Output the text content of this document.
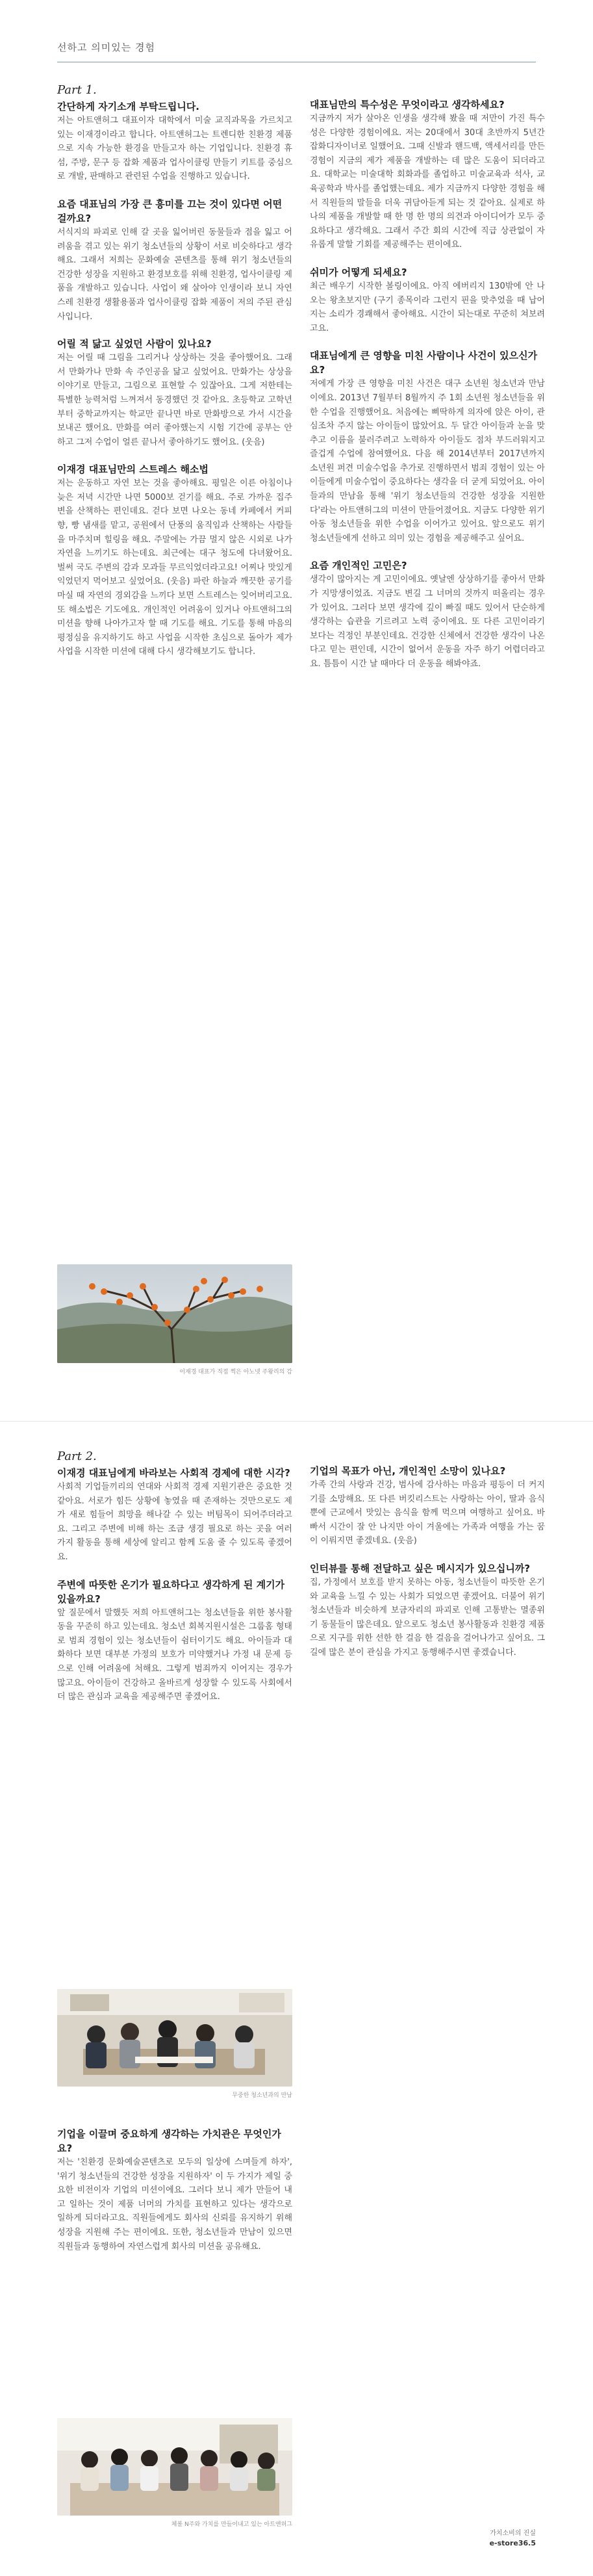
선하고 의미있는 경험
Part 1.

간단하게 자기소개 부탁드립니다.

저는 아트앤허그 대표이자 대학에서 미술 교직과목을 가르치고 있는 이재경이라고 합니다. 아트앤허그는 트렌디한 친환경 제품으로 지속 가능한 환경을 만들고자 하는 기업입니다. 친환경 휴섬, 주방, 문구 등 잡화 제품과 업사이클링 만들기 키트를 중심으로 개발, 판매하고 관련된 수업을 진행하고 있습니다.

요즘 대표님의 가장 큰 흥미를 끄는 것이 있다면 어떤 걸까요?

서식지의 파괴로 인해 갈 곳을 잃어버린 동물들과 점을 잃고 어려움을 겪고 있는 위기 청소년들의 상황이 서로 비슷하다고 생각해요. 그래서 저희는 문화예술 콘텐츠를 통해 위기 청소년들의 건강한 성장을 지원하고 환경보호를 위해 친환경, 업사이클링 제품을 개발하고 있습니다. 사업이 왜 살아야 인생이라 보니 자연스레 친환경 생활용품과 업사이클링 잡화 제품이 저의 주된 관심사입니다.

어릴 적 닮고 싶었던 사람이 있나요?

저는 어릴 때 그림을 그리거나 상상하는 것을 좋아했어요. 그래서 만화가나 만화 속 주인공을 닮고 싶었어요. 만화가는 상상을 이야기로 만들고, 그림으로 표현할 수 있잖아요. 그게 저한테는 특별한 능력처럼 느껴져서 동경했던 것 같아요. 초등학교 고학년부터 중학교까지는 학교만 끝나면 바로 만화방으로 가서 시간을 보내곤 했어요. 만화를 여러 좋아했는지 시험 기간에 공부는 안 하고 그저 수업이 얼른 끝나서 좋아하기도 했어요. (웃음)

이재경 대표님만의 스트레스 해소법

저는 운동하고 자연 보는 것을 좋아해요. 평일은 이른 아침이나 늦은 저녁 시간만 나면 5000보 걷기를 해요. 주로 가까운 집주변을 산책하는 편인데요. 걷다 보면 나오는 동네 카페에서 커피 향, 빵 냄새를 맡고, 공원에서 단풍의 움직임과 산책하는 사람들을 마주치며 힐링을 해요. 주말에는 가끔 멀지 않은 시외로 나가 자연을 느끼기도 하는데요. 최근에는 대구 청도에 다녀왔어요. 벌써 국도 주변의 감과 모과들 무르익었더라고요! 어찌나 맛있게 익었던지 먹어보고 싶었어요. (웃음) 파란 하늘과 깨끗한 공기를 마실 때 자연의 경외감을 느끼다 보면 스트레스는 잊어버리고요. 또 해소법은 기도에요. 개인적인 어려움이 있거나 아트앤허그의 미션을 향해 나아가고자 할 때 기도를 해요. 기도를 통해 마음의 평정심을 유지하기도 하고 사업을 시작한 초심으로 돌아가 제가 사업을 시작한 미션에 대해 다시 생각해보기도 합니다.

이재경 대표가 직접 찍은 아노넷 주왕리의 감

대표님만의 특수성은 무엇이라고 생각하세요?

지금까지 저가 살아온 인생을 생각해 봤을 때 저만이 가진 특수성은 다양한 경험이에요. 저는 20대에서 30대 초반까지 5년간 잡화디자이너로 일했어요. 그때 신발과 핸드백, 액세서리를 만든 경험이 지금의 제가 제품을 개발하는 데 많은 도움이 되더라고요. 대학교는 미술대학 회화과를 졸업하고 미술교육과 석사, 교육공학과 박사를 졸업했는데요. 제가 지금까지 다양한 경험을 해서 직원들의 말들을 더욱 귀담아듣게 되는 것 같아요. 실제로 하나의 제품을 개발할 때 한 명 한 명의 의견과 아이디어가 모두 중요하다고 생각해요. 그래서 주간 회의 시간에 직급 상관없이 자유롭게 말할 기회를 제공해주는 편이에요.

쉬미가 어떻게 되세요?

최근 배우기 시작한 볼링이에요. 아직 에버리지 130밖에 안 나오는 왕초보지만 (구기 종목이라 그런지 핀을 맞추었을 때 납어지는 소리가 경쾌해서 좋아해요. 시간이 되는대로 꾸준히 쳐보려고요.

대표님에게 큰 영향을 미친 사람이나 사건이 있으신가요?

저에게 가장 큰 영향을 미친 사건은 대구 소년원 청소년과 만남이에요. 2013년 7월부터 8월까지 주 1회 소년원 청소년들을 위한 수업을 진행했어요. 처음에는 삐딱하게 의자에 앉은 아이, 관심조차 주지 않는 아이들이 많았어요. 두 달간 아이들과 눈을 맞추고 이름을 불러주려고 노력하자 아이들도 점차 부드러워지고 즐겁게 수업에 참여했어요. 다음 해 2014년부터 2017년까지 소년원 퍼견 미술수업을 추가로 진행하면서 범죄 경험이 있는 아이들에게 미술수업이 중요하다는 생각을 더 굳게 되었어요. 아이들과의 만남을 통해 '위기 청소년들의 건강한 성장을 지원한다'라는 아트앤허그의 미션이 만들어졌어요. 지금도 다양한 위기 아동 청소년들을 위한 수업을 이어가고 있어요. 앞으로도 위기 청소년들에게 선하고 의미 있는 경험을 제공해주고 싶어요.

요즘 개인적인 고민은?

생각이 많아지는 게 고민이에요. 옛날엔 상상하기를 좋아서 만화가 지망생이었죠. 지금도 변길 그 너머의 것까지 떠올리는 경우가 있어요. 그러다 보면 생각에 깊이 빠질 때도 있어서 단순하게 생각하는 습관을 기르려고 노력 중이에요. 또 다른 고민이라기 보다는 걱정인 부분인데요. 건강한 신체에서 건강한 생각이 나온다고 믿는 편인데, 시간이 없어서 운동을 자주 하기 어렵더라고요. 틈틈이 시간 날 때마다 더 운동을 해봐야죠.

Part 2.

이재경 대표님에게 바라보는 사회적 경제에 대한 시각?

사회적 기업들끼리의 연대와 사회적 경제 지원기관은 중요한 것 같아요. 서로가 힘든 상황에 놓였을 때 존재하는 것만으로도 제가 새로 힘들어 희망을 해나갈 수 있는 버팀목이 되어주더라고요. 그리고 주변에 비해 하는 조금 생경 필요로 하는 곳을 여러 가지 활동을 통해 세상에 알리고 함께 도움 줄 수 있도록 좋겠어요.

주변에 따뜻한 온기가 필요하다고 생각하게 된 계기가 있을까요?

앞 질문에서 말했듯 저희 아트앤허그는 청소년들을 위한 봉사활동을 꾸준히 하고 있는데요. 청소년 회복지원시설은 그룹홈 형태로 범죄 경험이 있는 청소년들이 쉼터이기도 해요. 아이들과 대화하다 보면 대부분 가정의 보호가 미약했거나 가정 내 문제 등으로 인해 어려움에 처해요. 그렇게 범죄까지 이어지는 경우가 많고요. 아이들이 건강하고 올바르게 성장할 수 있도록 사회에서 더 많은 관심과 교육을 제공해주면 좋겠어요.

무중한 청소년과의 만남

기업을 이끌며 중요하게 생각하는 가치관은 무엇인가요?

저는 '친환경 문화예술콘텐츠로 모두의 일상에 스며들게 하자', '위기 청소년들의 건강한 성장을 지원하자' 이 두 가지가 제일 중요한 비전이자 기업의 미션이에요. 그러다 보니 제가 만들어 내고 일하는 것이 제품 너머의 가치를 표현하고 있다는 생각으로 일하게 되더라고요. 직원들에게도 회사의 신뢰를 유지하기 위해 성장을 지원해 주는 편이에요. 또한, 청소년들과 만남이 있으면 직원들과 동행하여 자연스럽게 회사의 미션을 공유해요.

체볼 N주와 가치를 만들어내고 있는 아트앤허그

기업의 목표가 아닌, 개인적인 소망이 있나요?

가족 간의 사랑과 건강, 범사에 감사하는 마음과 평등이 더 커지기를 소망해요. 또 다른 버킷리스트는 사랑하는 아이, 딸과 음식뿐에 근교에서 맛있는 음식을 함께 먹으며 여행하고 싶어요. 바빠서 시간이 잘 안 나지만 아이 겨울에는 가족과 여행을 가는 꿈이 이뤄지면 좋겠네요. (웃음)

인터뷰를 통해 전달하고 싶은 메시지가 있으십니까?

집, 가정에서 보호를 받지 못하는 아동, 청소년들이 따뜻한 온기와 교육을 느낄 수 있는 사회가 되었으면 좋겠어요. 더불어 위기 청소년들과 비슷하게 보금자리의 파괴로 인해 고통받는 멸종위기 동물들이 많은데요. 앞으로도 청소년 봉사활동과 친환경 제품으로 지구를 위한 선한 한 걸음 한 걸음을 걸어나가고 싶어요. 그 길에 많은 분이 관심을 가지고 동행해주시면 좋겠습니다.

가치소비의 진실
e-store36.5
